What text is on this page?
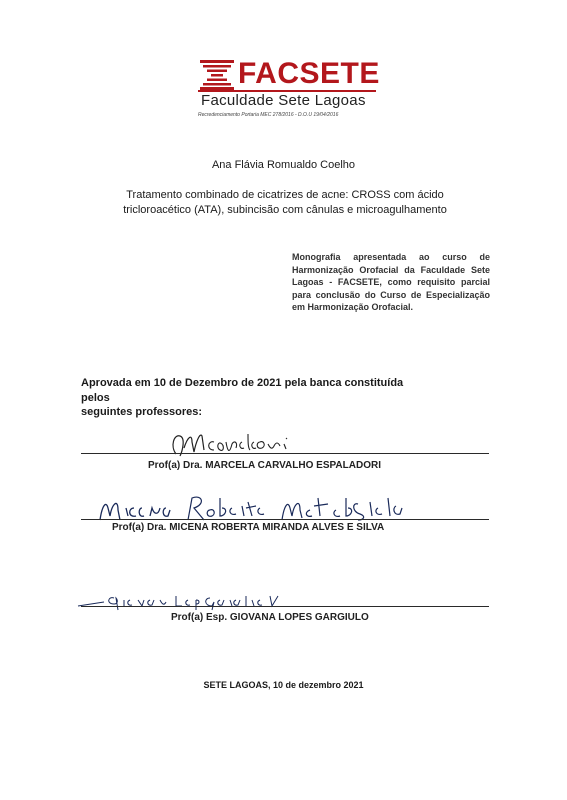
FACSETE
Faculdade Sete Lagoas
Recredenciamento Portaria MEC 278/2016 - D.O.U 19/04/2016
Ana Flávia Romualdo Coelho
Tratamento combinado de cicatrizes de acne: CROSS com ácido
tricloroacético (ATA), subincisão com cânulas e microagulhamento
Monografia apresentada ao curso de Harmonização Orofacial da Faculdade Sete Lagoas - FACSETE, como requisito parcial para conclusão do Curso de Especialização em Harmonização Orofacial.
Aprovada em 10 de Dezembro de 2021 pela banca constituída pelos
seguintes professores:
Prof(a) Dra. MARCELA CARVALHO ESPALADORI
Prof(a) Dra. MICENA ROBERTA MIRANDA ALVES E SILVA
Prof(a) Esp. GIOVANA LOPES GARGIULO
SETE LAGOAS, 10 de dezembro 2021
